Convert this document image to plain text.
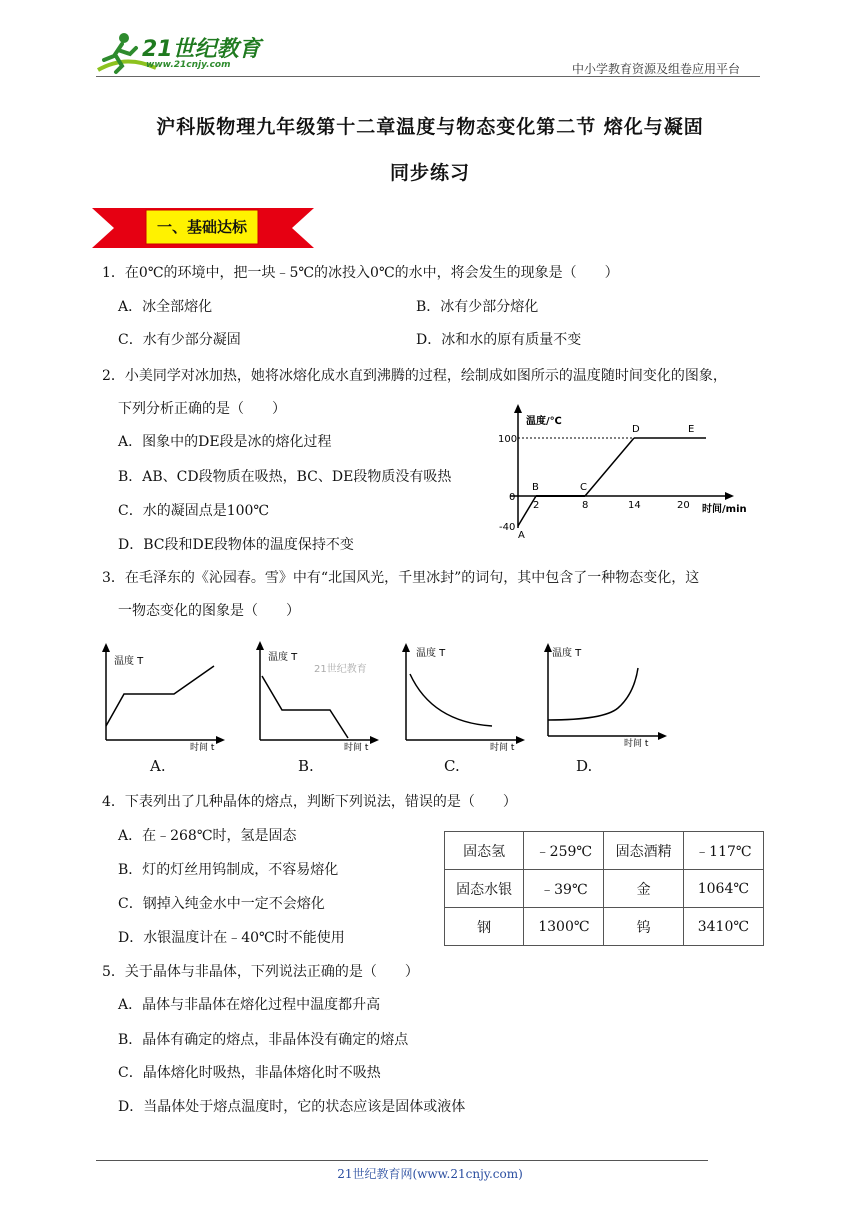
21世纪教育
www.21cnjy.com	中小学教育资源及组卷应用平台
沪科版物理九年级第十二章温度与物态变化第二节 熔化与凝固
同步练习
一、基础达标
1．在0℃的环境中，把一块﹣5℃的冰投入0℃的水中，将会发生的现象是（　　）
A．冰全部熔化	B．冰有少部分熔化
C．水有少部分凝固	D．冰和水的原有质量不变
2．小美同学对冰加热，她将冰熔化成水直到沸腾的过程，绘制成如图所示的温度随时间变化的图象，
下列分析正确的是（　　）
A．图象中的DE段是冰的熔化过程
B．AB、CD段物质在吸热，BC、DE段物质没有吸热
C．水的凝固点是100℃
D．BC段和DE段物体的温度保持不变
温度/℃
时间/min
100
0
-40
2	8	14	20
A
B	C
D	E
3．在毛泽东的《沁园春。雪》中有“北国风光，千里冰封”的词句，其中包含了一种物态变化，这
一物态变化的图象是（　　）
温度 T
时间 t
温度 T
时间 t
21世纪教育
温度 T
时间 t
温度 T
时间 t
A.	B.	C.	D.
4．下表列出了几种晶体的熔点，判断下列说法，错误的是（　　）
A．在﹣268℃时，氢是固态
B．灯的灯丝用钨制成，不容易熔化
C．钢掉入纯金水中一定不会熔化
D．水银温度计在﹣40℃时不能使用
固态氢	﹣259℃	固态酒精	﹣117℃
固态水银	﹣39℃	金	1064℃
钢	1300℃	钨	3410℃
5．关于晶体与非晶体，下列说法正确的是（　　）
A．晶体与非晶体在熔化过程中温度都升高
B．晶体有确定的熔点，非晶体没有确定的熔点
C．晶体熔化时吸热，非晶体熔化时不吸热
D．当晶体处于熔点温度时，它的状态应该是固体或液体
21世纪教育网(www.21cnjy.com)
